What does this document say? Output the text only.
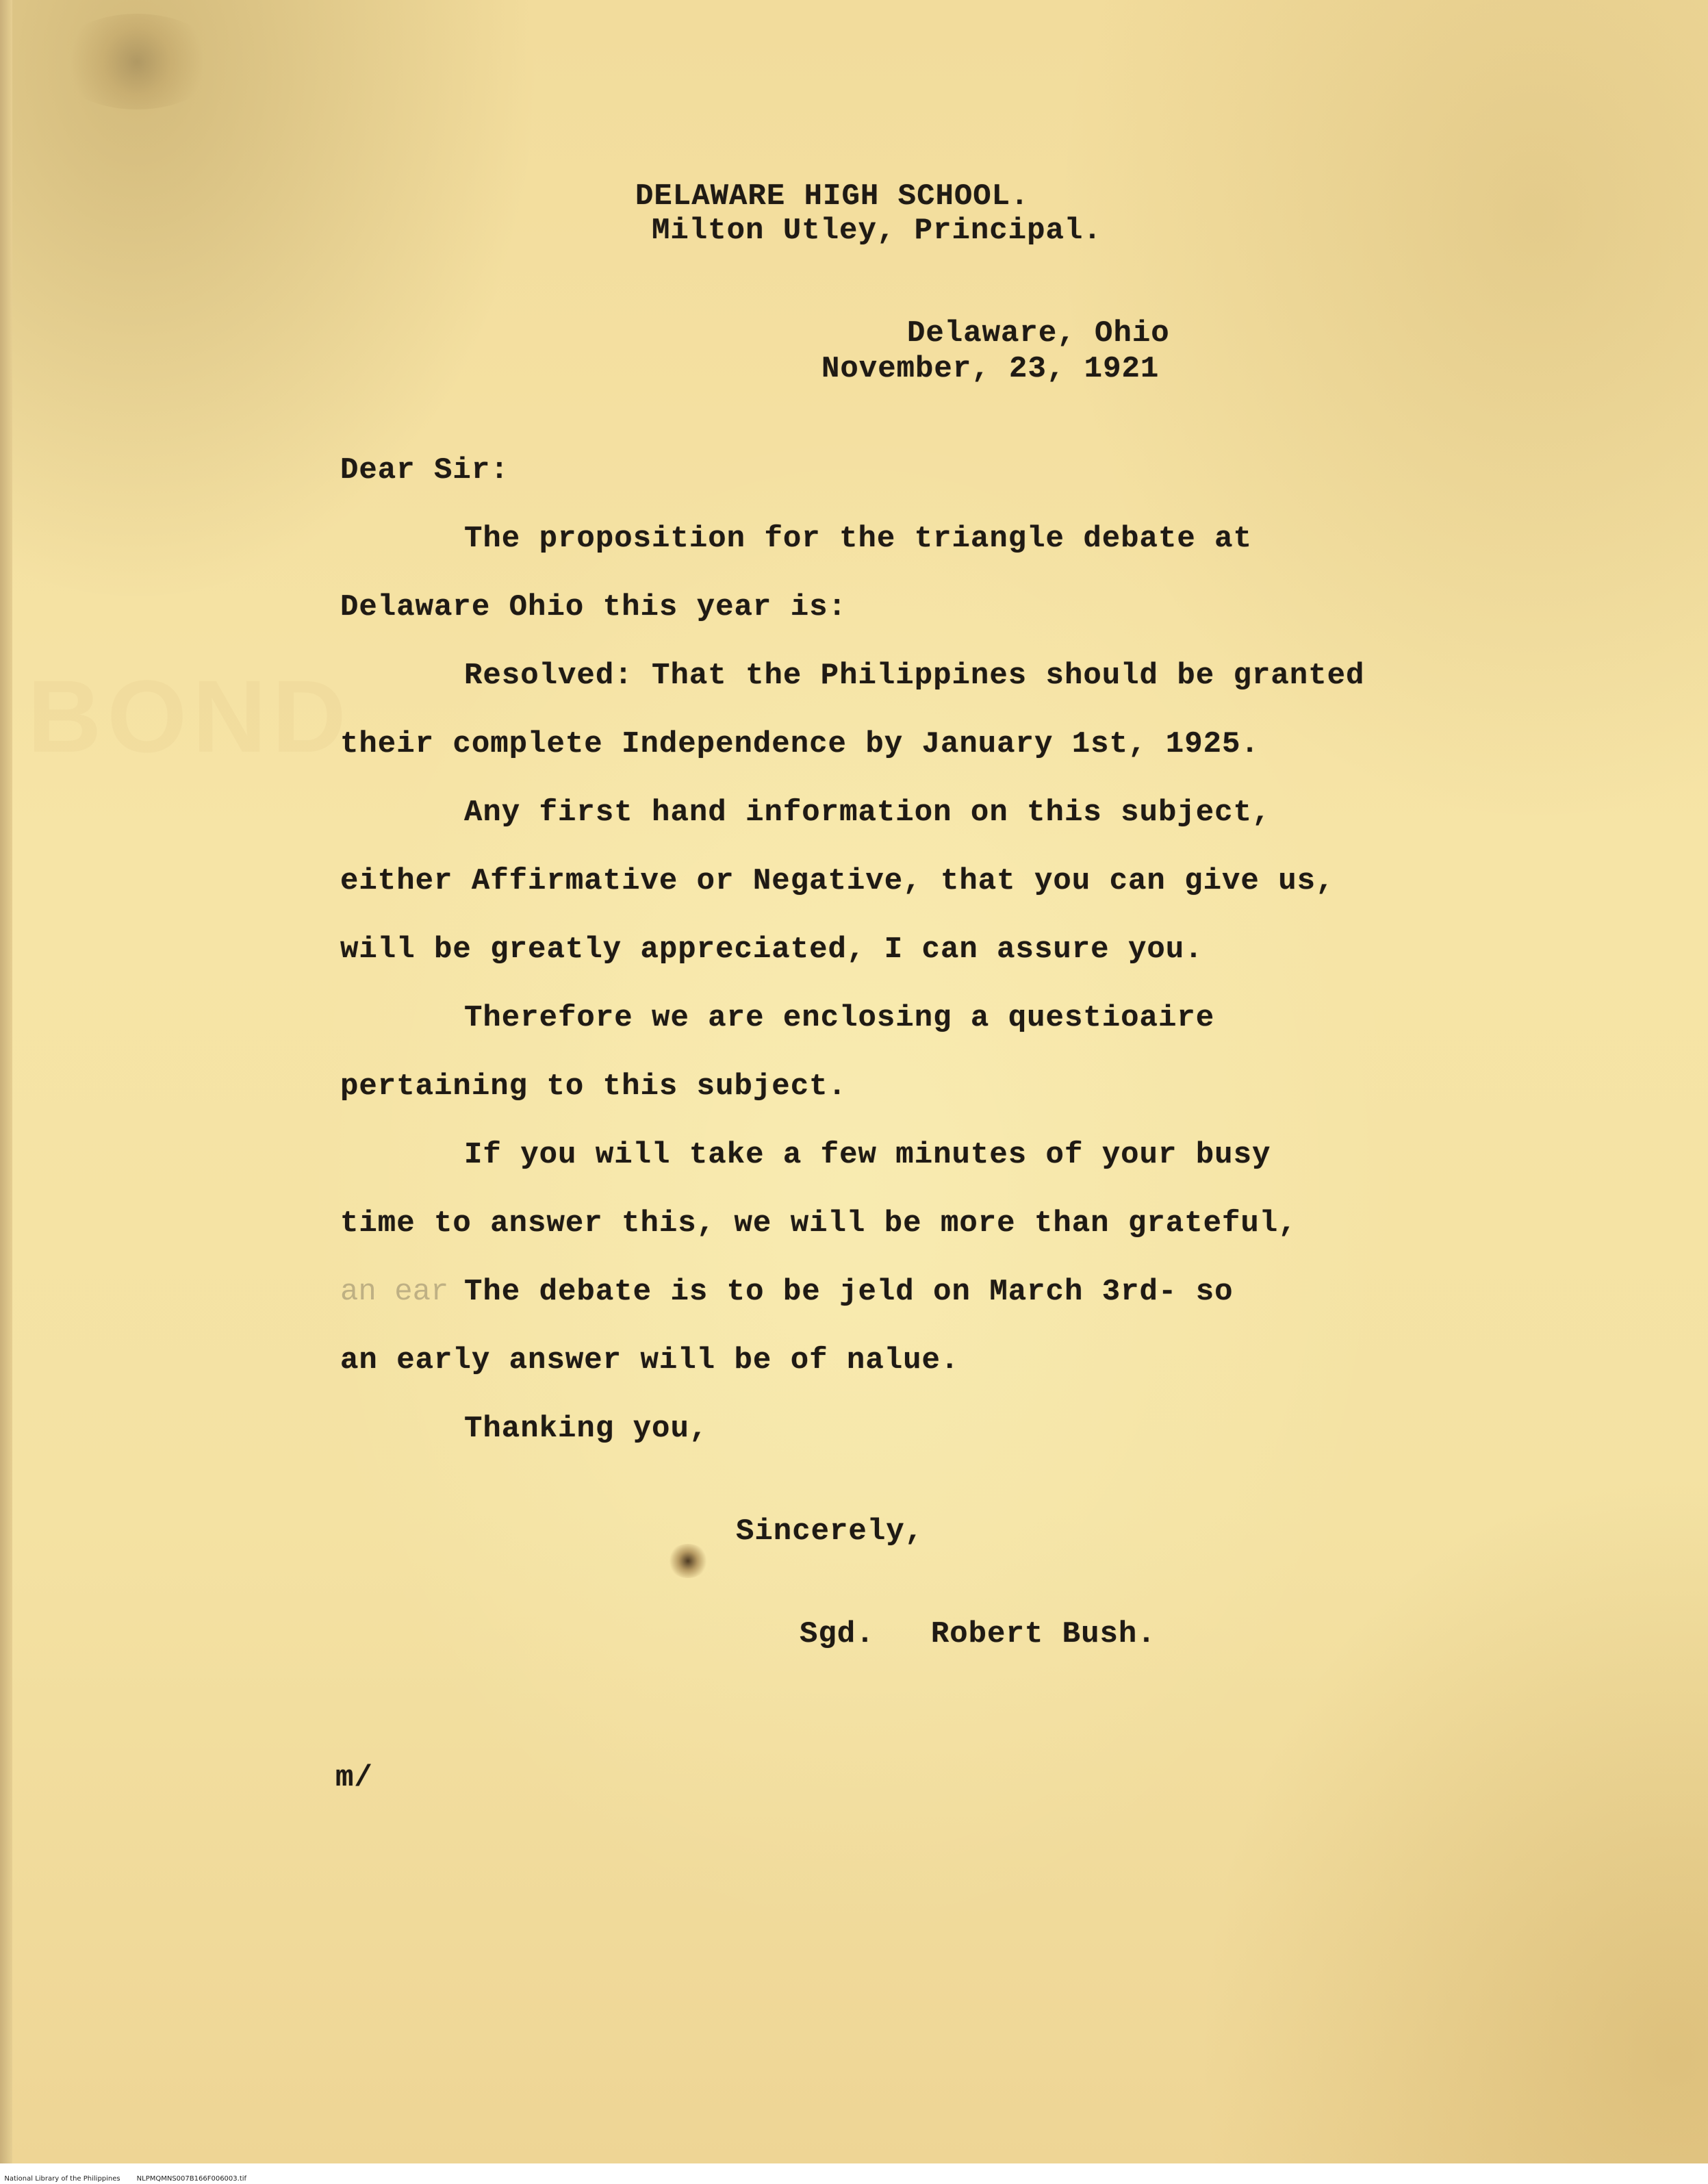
BOND
DELAWARE HIGH SCHOOL.
Milton Utley, Principal.
Delaware, Ohio
November, 23, 1921
Dear Sir:
The proposition for the triangle debate at
Delaware Ohio this year is:
Resolved: That the Philippines should be granted
their complete Independence by January 1st, 1925.
Any first hand information on this subject,
either Affirmative or Negative, that you can give us,
will be greatly appreciated, I can assure you.
Therefore we are enclosing a questioaire
pertaining to this subject.
If you will take a few minutes of your busy
time to answer this, we will be more than grateful,
an ear The debate is to be jeld on March 3rd- so
an early answer will be of nalue.
Thanking you,
Sincerely,
Sgd.   Robert Bush.
m/

National Library of the Philippines NLPMQMNS007B166F006003.tif
